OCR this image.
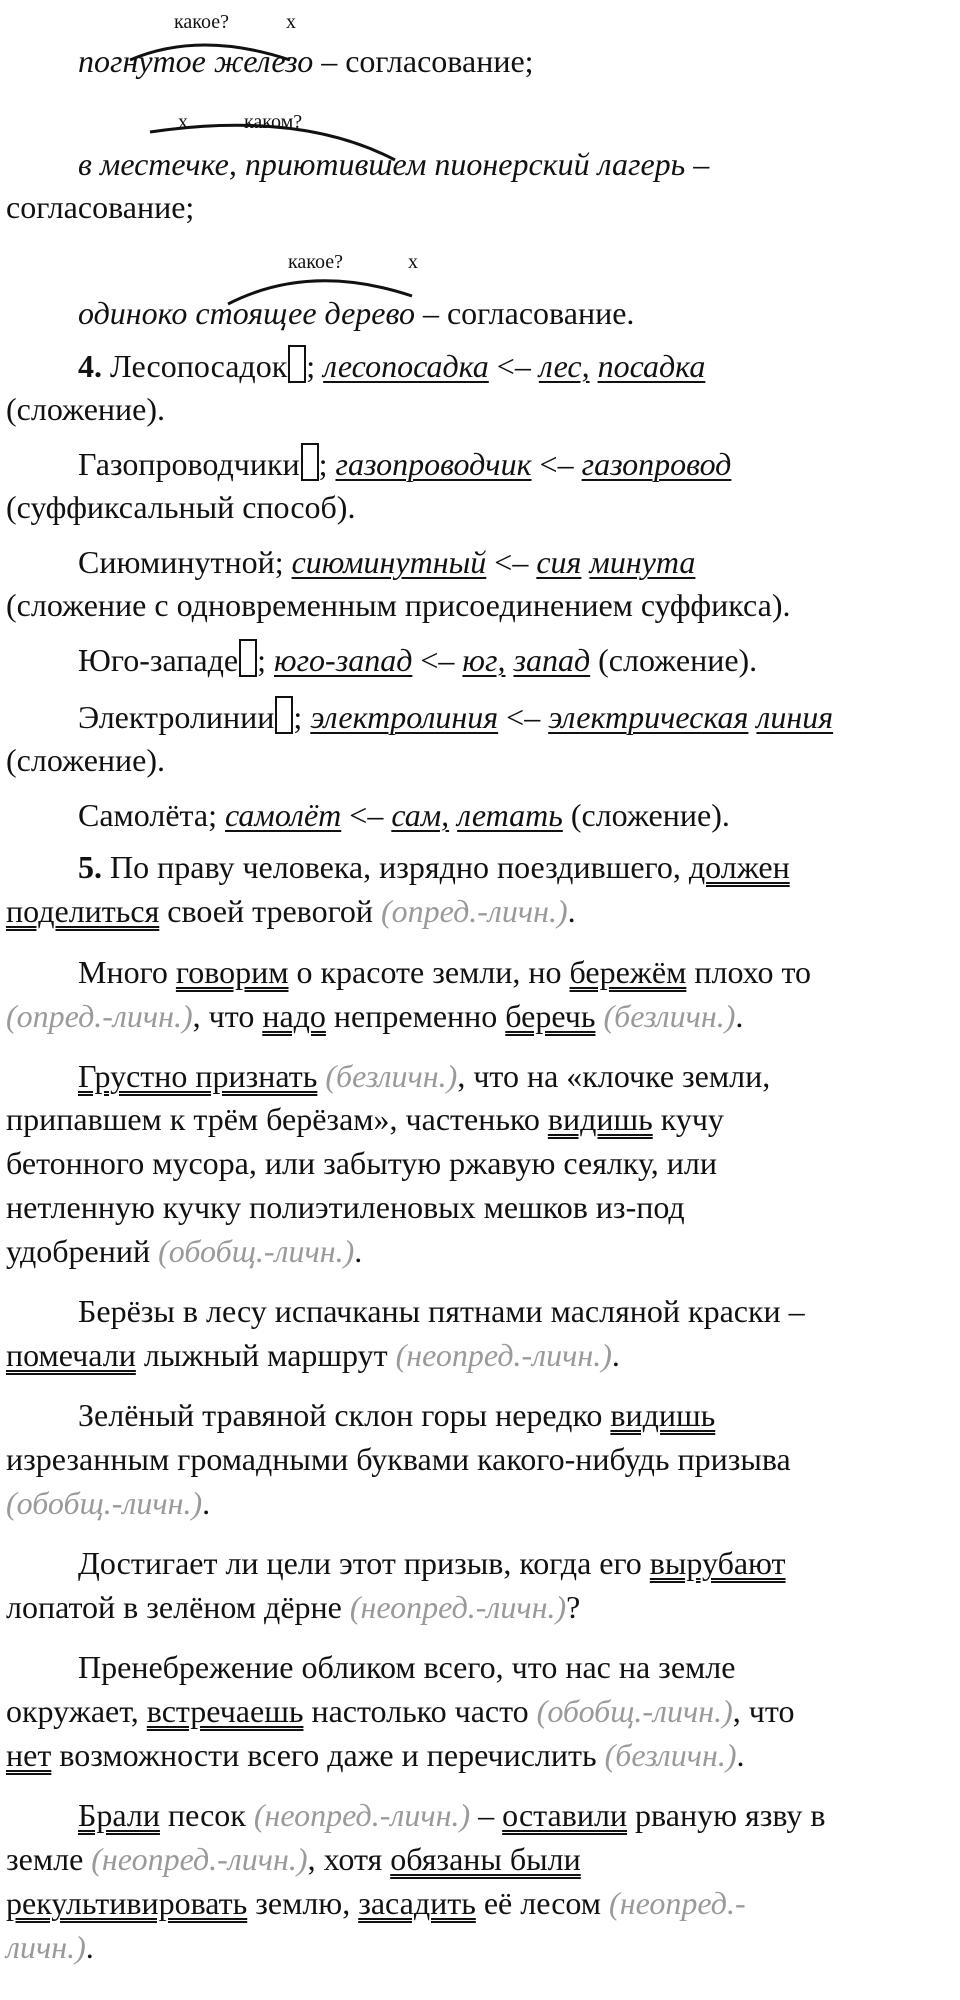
какое?	x
погнутое железо – согласование;
x	каком?
в местечке, приютившем пионерский лагерь –
согласование;
какое?	x
одиноко стоящее дерево – согласование.
4. Лесопосадок ; лесопосадка <– лес, посадка
(сложение).
Газопроводчики ; газопроводчик <– газопровод
(суффиксальный способ).
Сиюминутной; сиюминутный <– сия минута
(сложение с одновременным присоединением суффикса).
Юго-западе ; юго-запад <– юг, запад (сложение).
Электролинии ; электролиния <– электрическая линия
(сложение).
Самолёта; самолёт <– сам, летать (сложение).
5. По праву человека, изрядно поездившего, должен
поделиться своей тревогой (опред.-личн.).
Много говорим о красоте земли, но бережём плохо то
(опред.-личн.), что надо непременно беречь (безличн.).
Грустно признать (безличн.), что на «клочке земли,
припавшем к трём берёзам», частенько видишь кучу
бетонного мусора, или забытую ржавую сеялку, или
нетленную кучку полиэтиленовых мешков из-под
удобрений (обобщ.-личн.).
Берёзы в лесу испачканы пятнами масляной краски –
помечали лыжный маршрут (неопред.-личн.).
Зелёный травяной склон горы нередко видишь
изрезанным громадными буквами какого-нибудь призыва
(обобщ.-личн.).
Достигает ли цели этот призыв, когда его вырубают
лопатой в зелёном дёрне (неопред.-личн.)?
Пренебрежение обликом всего, что нас на земле
окружает, встречаешь настолько часто (обобщ.-личн.), что
нет возможности всего даже и перечислить (безличн.).
Брали песок (неопред.-личн.) – оставили рваную язву в
земле (неопред.-личн.), хотя обязаны были
рекультивировать землю, засадить её лесом (неопред.-
личн.).
